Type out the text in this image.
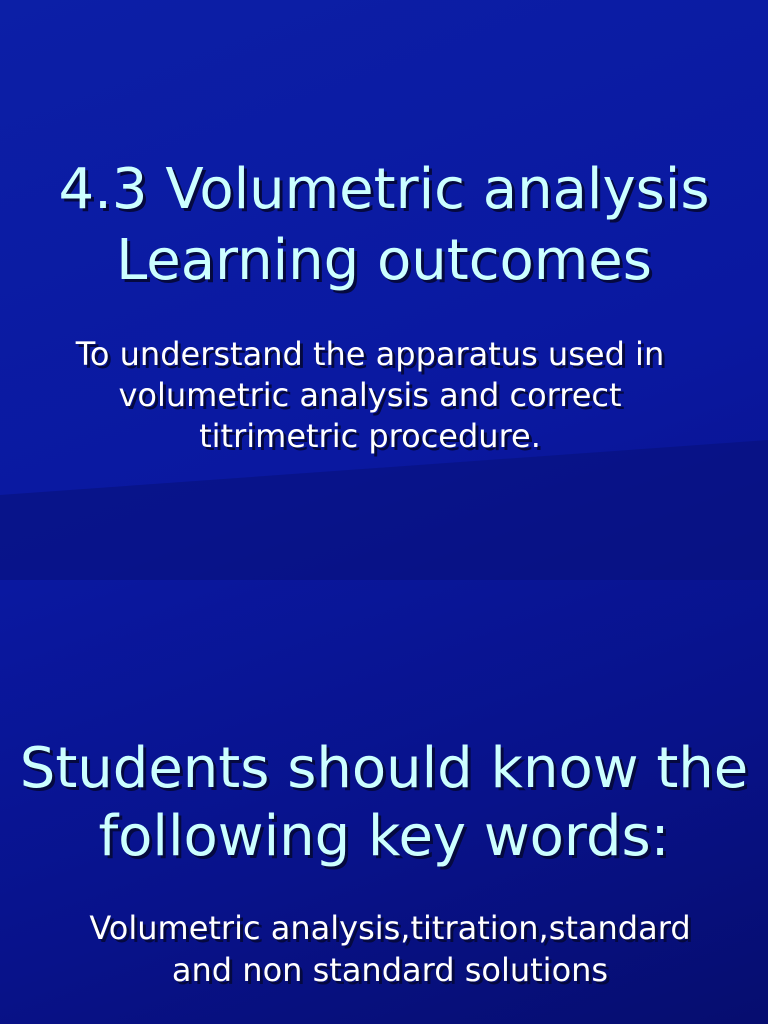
4.3 Volumetric analysis
Learning outcomes

To understand the apparatus used in volumetric analysis and correct titrimetric procedure.

Students should know the following key words:

Volumetric analysis,titration,standard and non standard solutions
